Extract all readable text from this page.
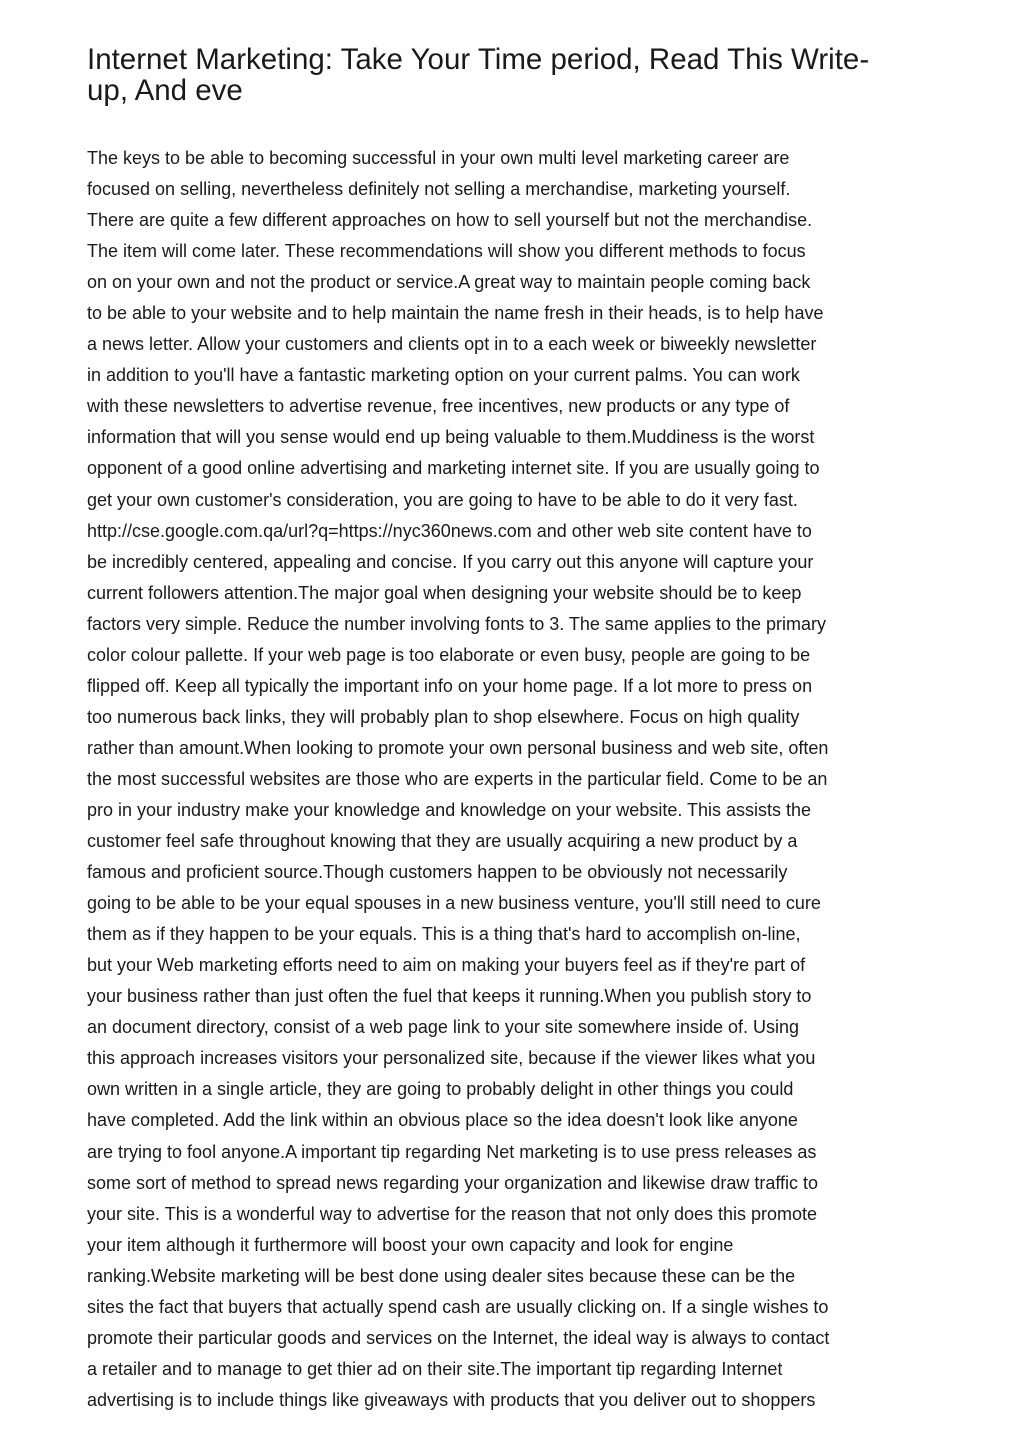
Internet Marketing: Take Your Time period, Read This Write-
up, And eve
The keys to be able to becoming successful in your own multi level marketing career are
focused on selling, nevertheless definitely not selling a merchandise, marketing yourself.
There are quite a few different approaches on how to sell yourself but not the merchandise.
The item will come later. These recommendations will show you different methods to focus
on on your own and not the product or service.A great way to maintain people coming back
to be able to your website and to help maintain the name fresh in their heads, is to help have
a news letter. Allow your customers and clients opt in to a each week or biweekly newsletter
in addition to you'll have a fantastic marketing option on your current palms. You can work
with these newsletters to advertise revenue, free incentives, new products or any type of
information that will you sense would end up being valuable to them.Muddiness is the worst
opponent of a good online advertising and marketing internet site. If you are usually going to
get your own customer's consideration, you are going to have to be able to do it very fast.
http://cse.google.com.qa/url?q=https://nyc360news.com and other web site content have to
be incredibly centered, appealing and concise. If you carry out this anyone will capture your
current followers attention.The major goal when designing your website should be to keep
factors very simple. Reduce the number involving fonts to 3. The same applies to the primary
color colour pallette. If your web page is too elaborate or even busy, people are going to be
flipped off. Keep all typically the important info on your home page. If a lot more to press on
too numerous back links, they will probably plan to shop elsewhere. Focus on high quality
rather than amount.When looking to promote your own personal business and web site, often
the most successful websites are those who are experts in the particular field. Come to be an
pro in your industry make your knowledge and knowledge on your website. This assists the
customer feel safe throughout knowing that they are usually acquiring a new product by a
famous and proficient source.Though customers happen to be obviously not necessarily
going to be able to be your equal spouses in a new business venture, you'll still need to cure
them as if they happen to be your equals. This is a thing that's hard to accomplish on-line,
but your Web marketing efforts need to aim on making your buyers feel as if they're part of
your business rather than just often the fuel that keeps it running.When you publish story to
an document directory, consist of a web page link to your site somewhere inside of. Using
this approach increases visitors your personalized site, because if the viewer likes what you
own written in a single article, they are going to probably delight in other things you could
have completed. Add the link within an obvious place so the idea doesn't look like anyone
are trying to fool anyone.A important tip regarding Net marketing is to use press releases as
some sort of method to spread news regarding your organization and likewise draw traffic to
your site. This is a wonderful way to advertise for the reason that not only does this promote
your item although it furthermore will boost your own capacity and look for engine
ranking.Website marketing will be best done using dealer sites because these can be the
sites the fact that buyers that actually spend cash are usually clicking on. If a single wishes to
promote their particular goods and services on the Internet, the ideal way is always to contact
a retailer and to manage to get thier ad on their site.The important tip regarding Internet
advertising is to include things like giveaways with products that you deliver out to shoppers
